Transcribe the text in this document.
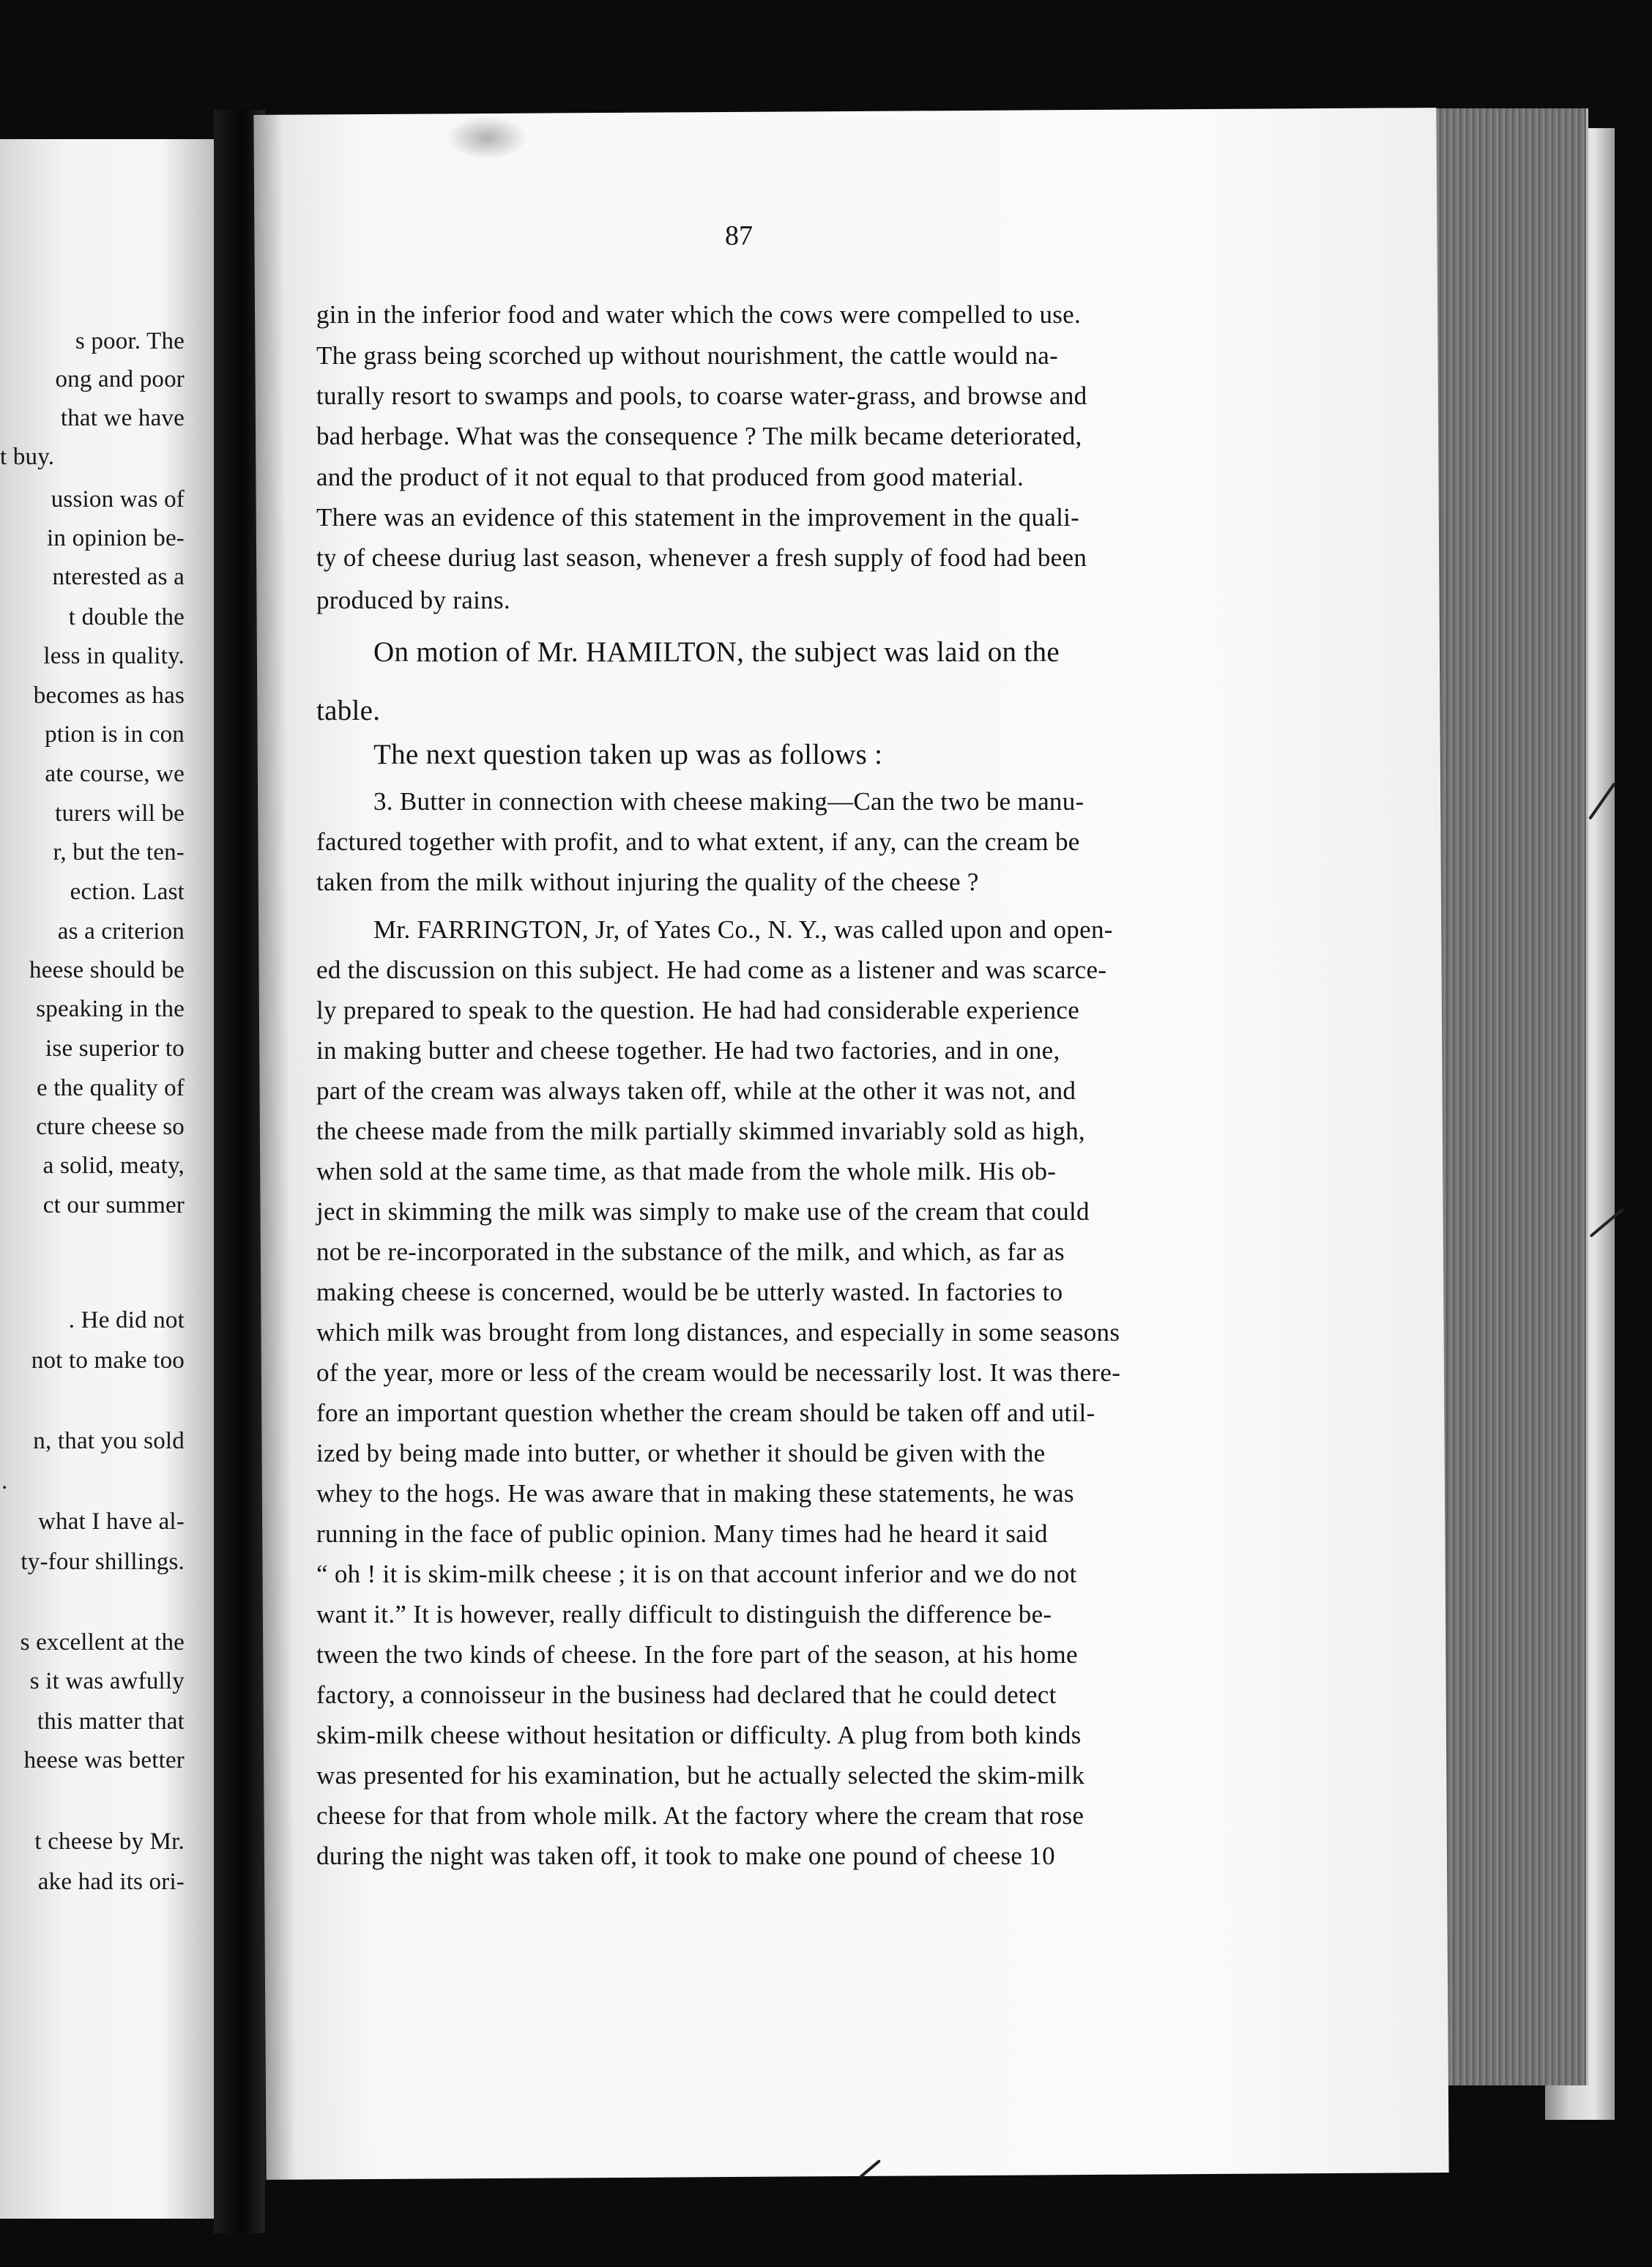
s poor. The
ong and poor
that we have
t buy.
ussion was of
in opinion be-
nterested as a
t double the
less in quality.
becomes as has
ption is in con
ate course, we
turers will be
r, but the ten-
ection. Last
as a criterion
heese should be
speaking in the
ise superior to
e the quality of
cture cheese so
a solid, meaty,
ct our summer
. He did not
not to make too
n, that you sold
.
what I have al-
ty-four shillings.
s excellent at the
s it was awfully
this matter that
heese was better
t cheese by Mr.
ake had its ori-
87
gin in the inferior food and water which the cows were compelled to use.
The grass being scorched up without nourishment, the cattle would na-
turally resort to swamps and pools, to coarse water-grass, and browse and
bad herbage. What was the consequence ? The milk became deteriorated,
and the product of it not equal to that produced from good material.
There was an evidence of this statement in the improvement in the quali-
ty of cheese duriug last season, whenever a fresh supply of food had been
produced by rains.
On motion of Mr. HAMILTON, the subject was laid on the
table.
The next question taken up was as follows :
3. Butter in connection with cheese making—Can the two be manu-
factured together with profit, and to what extent, if any, can the cream be
taken from the milk without injuring the quality of the cheese ?
Mr. FARRINGTON, Jr, of Yates Co., N. Y., was called upon and open-
ed the discussion on this subject. He had come as a listener and was scarce-
ly prepared to speak to the question. He had had considerable experience
in making butter and cheese together. He had two factories, and in one,
part of the cream was always taken off, while at the other it was not, and
the cheese made from the milk partially skimmed invariably sold as high,
when sold at the same time, as that made from the whole milk. His ob-
ject in skimming the milk was simply to make use of the cream that could
not be re-incorporated in the substance of the milk, and which, as far as
making cheese is concerned, would be be utterly wasted. In factories to
which milk was brought from long distances, and especially in some seasons
of the year, more or less of the cream would be necessarily lost. It was there-
fore an important question whether the cream should be taken off and util-
ized by being made into butter, or whether it should be given with the
whey to the hogs. He was aware that in making these statements, he was
running in the face of public opinion. Many times had he heard it said
“ oh ! it is skim-milk cheese ; it is on that account inferior and we do not
want it.” It is however, really difficult to distinguish the difference be-
tween the two kinds of cheese. In the fore part of the season, at his home
factory, a connoisseur in the business had declared that he could detect
skim-milk cheese without hesitation or difficulty. A plug from both kinds
was presented for his examination, but he actually selected the skim-milk
cheese for that from whole milk. At the factory where the cream that rose
during the night was taken off, it took to make one pound of cheese 10
